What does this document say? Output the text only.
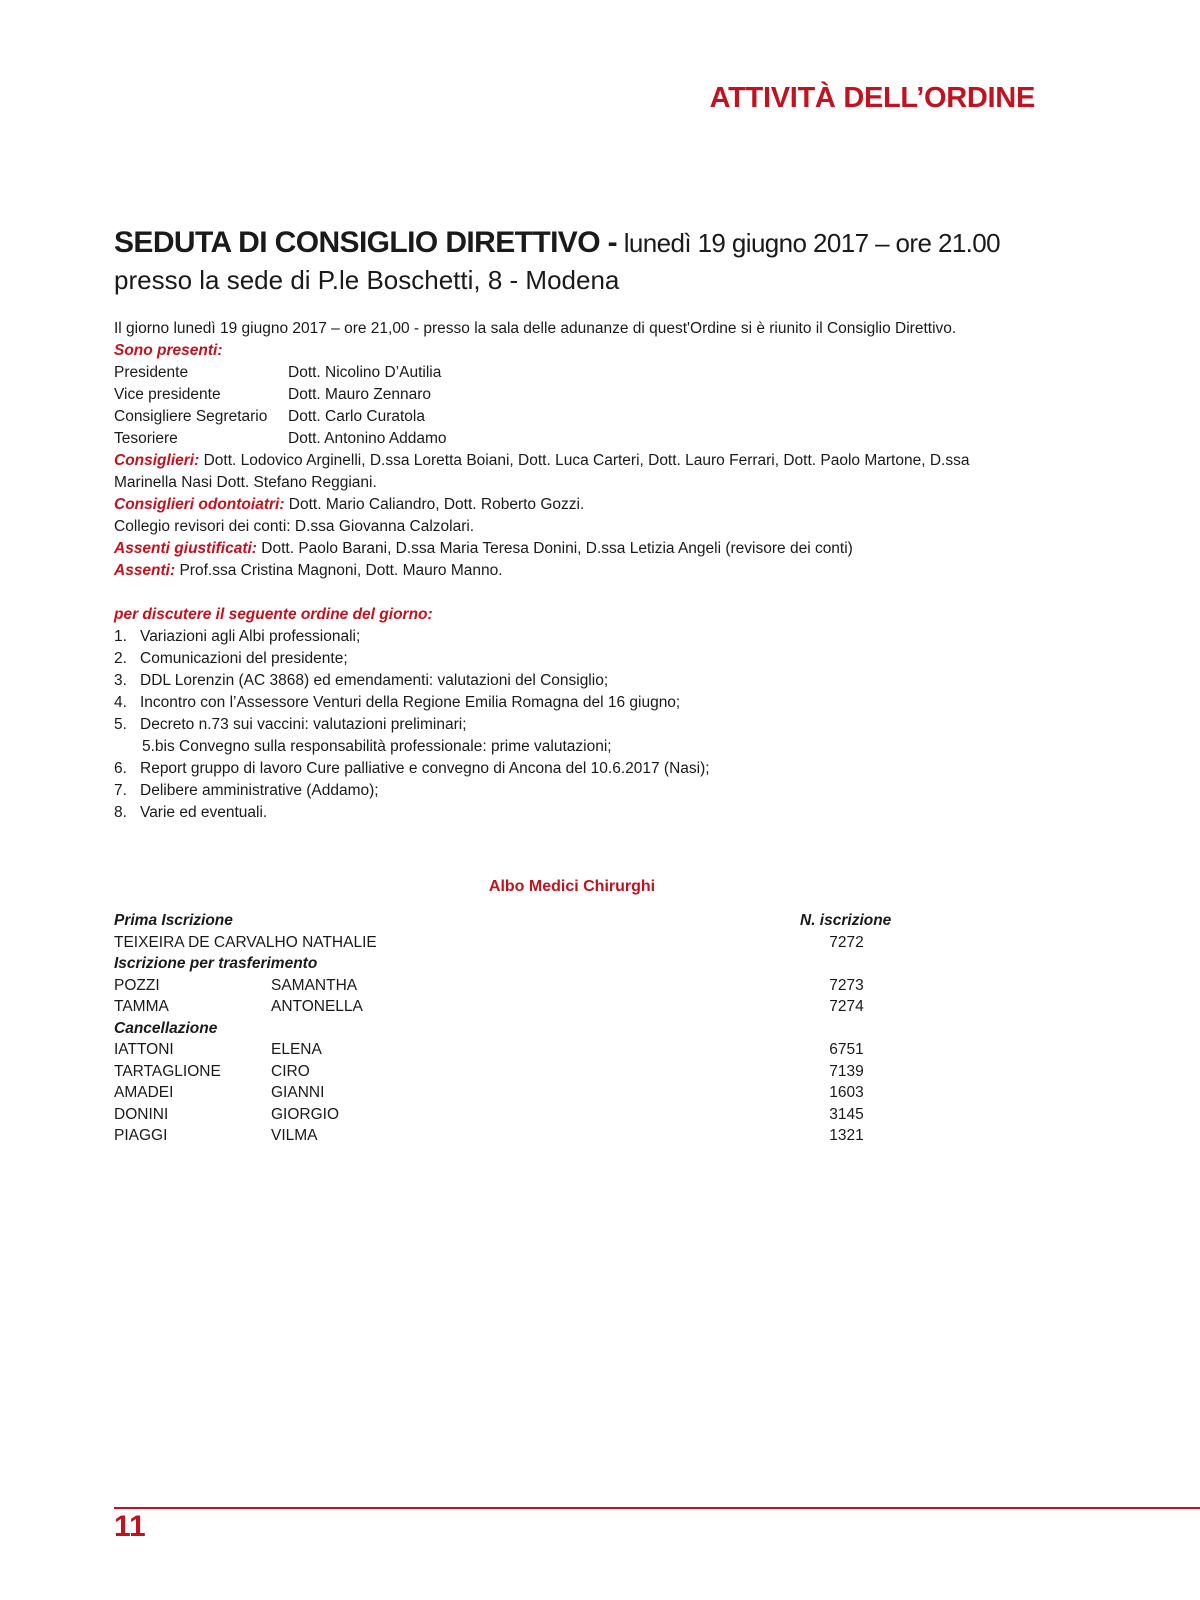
ATTIVITÀ DELL’ORDINE
SEDUTA DI CONSIGLIO DIRETTIVO - lunedì 19 giugno 2017 – ore 21.00
presso la sede di P.le Boschetti, 8 - Modena

Il giorno lunedì 19 giugno 2017 – ore 21,00 - presso la sala delle adunanze di quest'Ordine si è riunito il Consiglio Direttivo.

Sono presenti:

Presidente	Dott. Nicolino D’Autilia
Vice presidente	Dott. Mauro Zennaro
Consigliere Segretario	Dott. Carlo Curatola
Tesoriere	Dott. Antonino Addamo

Consiglieri: Dott. Lodovico Arginelli, D.ssa Loretta Boiani, Dott. Luca Carteri, Dott. Lauro Ferrari, Dott. Paolo Martone, D.ssa Marinella Nasi Dott. Stefano Reggiani.

Consiglieri odontoiatri: Dott. Mario Caliandro, Dott. Roberto Gozzi.

Collegio revisori dei conti: D.ssa Giovanna Calzolari.

Assenti giustificati: Dott. Paolo Barani, D.ssa Maria Teresa Donini, D.ssa Letizia Angeli (revisore dei conti)

Assenti: Prof.ssa Cristina Magnoni, Dott. Mauro Manno.

per discutere il seguente ordine del giorno:

1. Variazioni agli Albi professionali;
2. Comunicazioni del presidente;
3. DDL Lorenzin (AC 3868) ed emendamenti: valutazioni del Consiglio;
4. Incontro con l’Assessore Venturi della Regione Emilia Romagna del 16 giugno;
5. Decreto n.73 sui vaccini: valutazioni preliminari;
5.bis Convegno sulla responsabilità professionale: prime valutazioni;
6. Report gruppo di lavoro Cure palliative e convegno di Ancona del 10.6.2017 (Nasi);
7. Delibere amministrative (Addamo);
8. Varie ed eventuali.
Albo Medici Chirurghi
Prima Iscrizione	N. iscrizione
TEIXEIRA DE CARVALHO NATHALIE	7272
Iscrizione per trasferimento
POZZI	SAMANTHA	7273
TAMMA	ANTONELLA	7274
Cancellazione
IATTONI	ELENA	6751
TARTAGLIONE	CIRO	7139
AMADEI	GIANNI	1603
DONINI	GIORGIO	3145
PIAGGI	VILMA	1321
11
